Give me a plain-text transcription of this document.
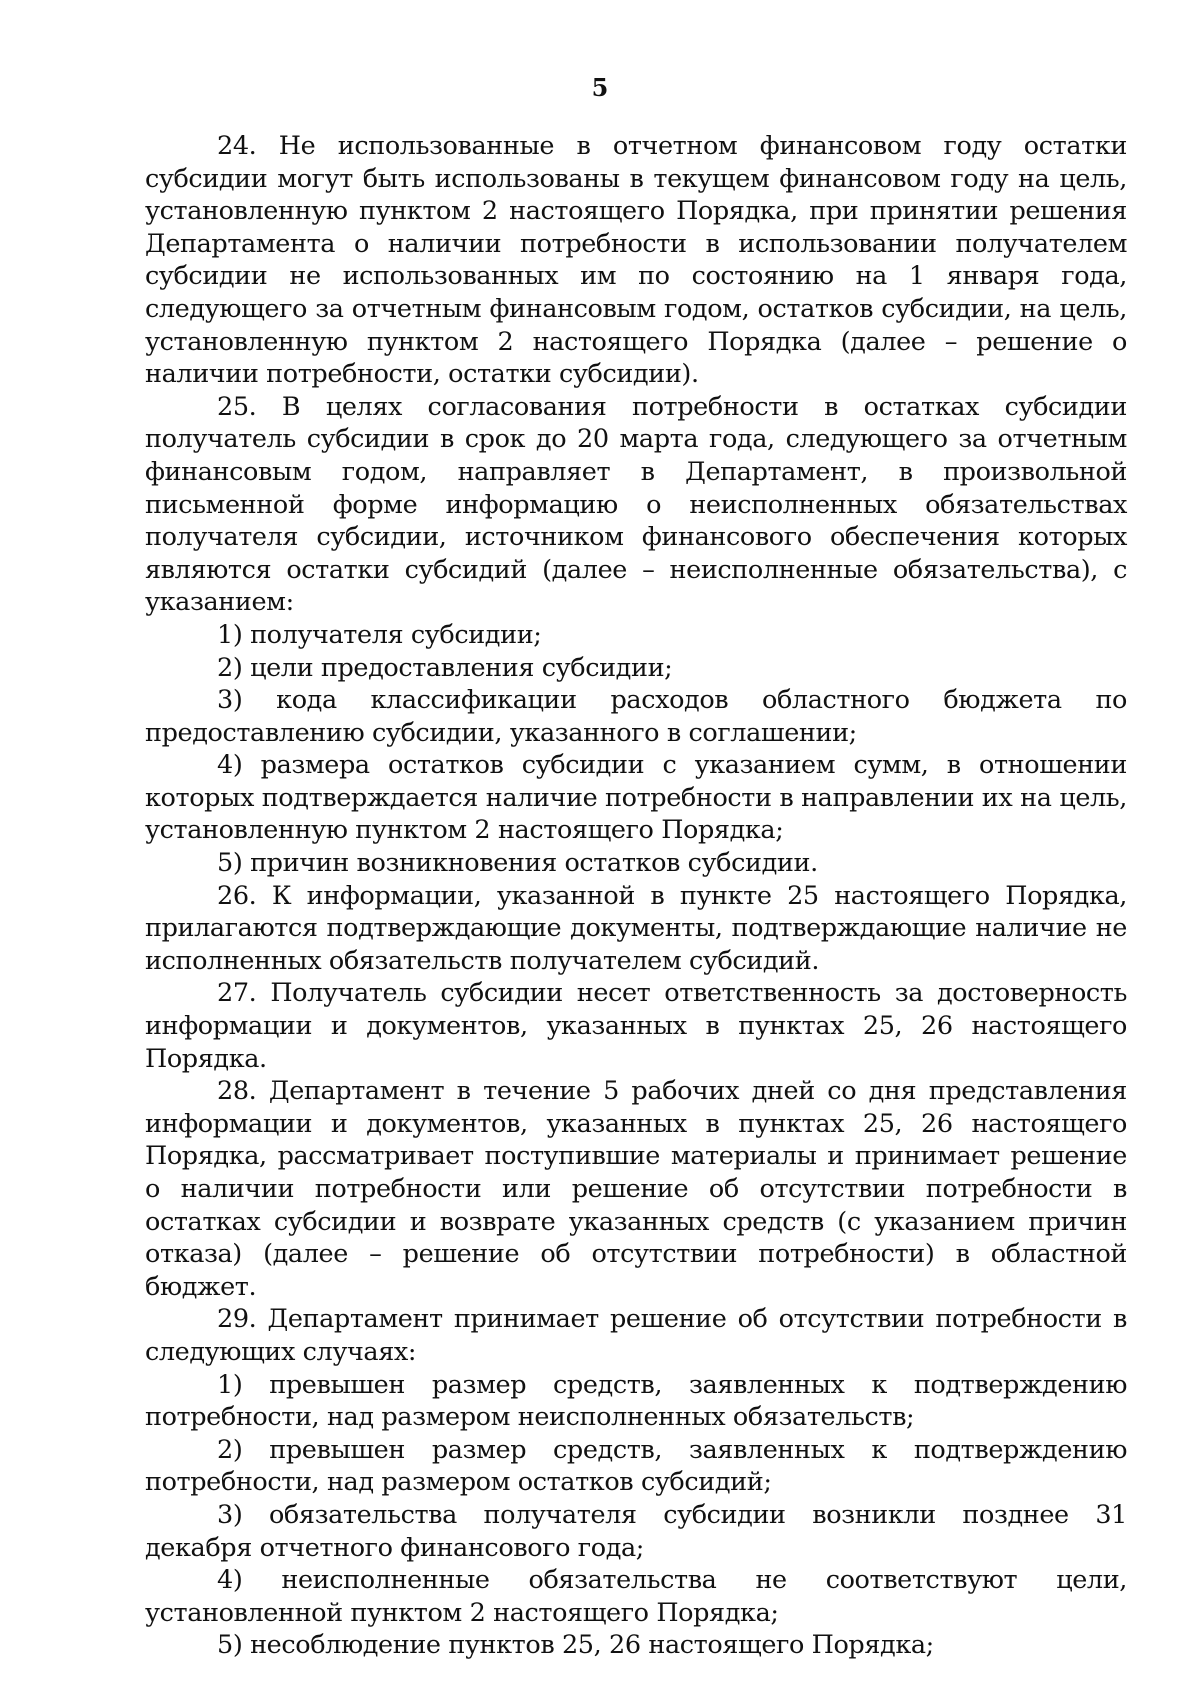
5

24. Не использованные в отчетном финансовом году остатки субсидии могут быть использованы в текущем финансовом году на цель, установленную пунктом 2 настоящего Порядка, при принятии решения Департамента о наличии потребности в использовании получателем субсидии не использованных им по состоянию на 1 января года, следующего за отчетным финансовым годом, остатков субсидии, на цель, установленную пунктом 2 настоящего Порядка (далее – решение о наличии потребности, остатки субсидии).

25. В целях согласования потребности в остатках субсидии получатель субсидии в срок до 20 марта года, следующего за отчетным финансовым годом, направляет в Департамент, в произвольной письменной форме информацию о неисполненных обязательствах получателя субсидии, источником финансового обеспечения которых являются остатки субсидий (далее – неисполненные обязательства), с указанием:

1) получателя субсидии;

2) цели предоставления субсидии;

3) кода классификации расходов областного бюджета по предоставлению субсидии, указанного в соглашении;

4) размера остатков субсидии с указанием сумм, в отношении которых подтверждается наличие потребности в направлении их на цель, установленную пунктом 2 настоящего Порядка;

5) причин возникновения остатков субсидии.

26. К информации, указанной в пункте 25 настоящего Порядка, прилагаются подтверждающие документы, подтверждающие наличие не исполненных обязательств получателем субсидий.

27. Получатель субсидии несет ответственность за достоверность информации и документов, указанных в пунктах 25, 26 настоящего Порядка.

28. Департамент в течение 5 рабочих дней со дня представления информации и документов, указанных в пунктах 25, 26 настоящего Порядка, рассматривает поступившие материалы и принимает решение о наличии потребности или решение об отсутствии потребности в остатках субсидии и возврате указанных средств (с указанием причин отказа) (далее – решение об отсутствии потребности) в областной бюджет.

29. Департамент принимает решение об отсутствии потребности в следующих случаях:

1) превышен размер средств, заявленных к подтверждению потребности, над размером неисполненных обязательств;

2) превышен размер средств, заявленных к подтверждению потребности, над размером остатков субсидий;

3) обязательства получателя субсидии возникли позднее 31 декабря отчетного финансового года;

4) неисполненные обязательства не соответствуют цели, установленной пунктом 2 настоящего Порядка;

5) несоблюдение пунктов 25, 26 настоящего Порядка;
